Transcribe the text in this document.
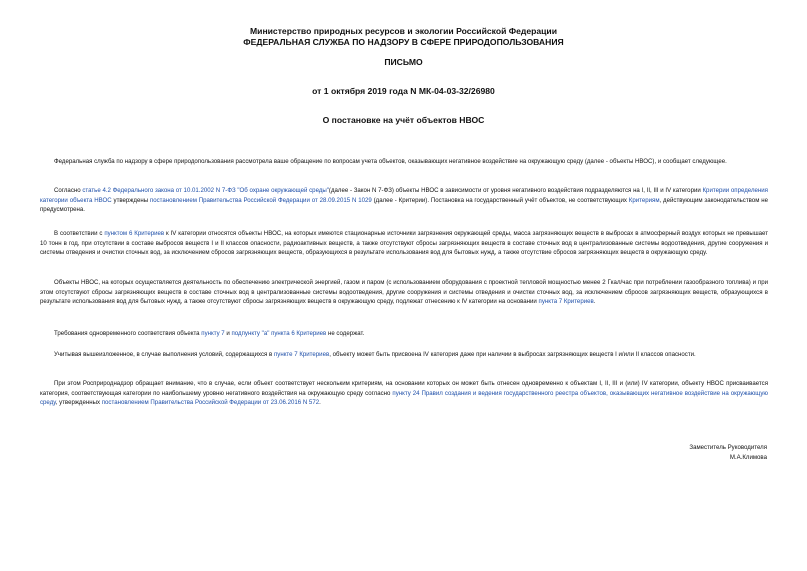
Министерство природных ресурсов и экологии Российской Федерации
ФЕДЕРАЛЬНАЯ СЛУЖБА ПО НАДЗОРУ В СФЕРЕ ПРИРОДОПОЛЬЗОВАНИЯ
ПИСЬМО
от 1 октября 2019 года N МК-04-03-32/26980
О постановке на учёт объектов НВОС
Федеральная служба по надзору в сфере природопользования рассмотрела ваше обращение по вопросам учета объектов, оказывающих негативное воздействие на окружающую среду (далее - объекты НВОС), и сообщает следующее.
Согласно статье 4.2 Федерального закона от 10.01.2002 N 7-ФЗ "Об охране окружающей среды"(далее - Закон N 7-ФЗ) объекты НВОС в зависимости от уровня негативного воздействия подразделяются на I, II, III и IV категории Критерии определения категории объекта НВОС утверждены постановлением Правительства Российской Федерации от 28.09.2015 N 1029 (далее - Критерии). Постановка на государственный учёт объектов, не соответствующих Критериям, действующим законодательством не предусмотрена.
В соответствии с пунктом 6 Критериев к IV категории относятся объекты НВОС, на которых имеются стационарные источники загрязнения окружающей среды, масса загрязняющих веществ в выбросах в атмосферный воздух которых не превышает 10 тонн в год, при отсутствии в составе выбросов веществ I и II классов опасности, радиоактивных веществ, а также отсутствуют сбросы загрязняющих веществ в составе сточных вод в централизованные системы водоотведения, другие сооружения и системы отведения и очистки сточных вод, за исключением сбросов загрязняющих веществ, образующихся в результате использования вод для бытовых нужд, а также отсутствие сбросов загрязняющих веществ в окружающую среду.
Объекты НВОС, на которых осуществляется деятельность по обеспечению электрической энергией, газом и паром (с использованием оборудования с проектной тепловой мощностью менее 2 Гкал/час при потреблении газообразного топлива) и при этом отсутствуют сбросы загрязняющих веществ в составе сточных вод в централизованные системы водоотведения, другие сооружения и системы отведения и очистки сточных вод, за исключением сбросов загрязняющих веществ, образующихся в результате использования вод для бытовых нужд, а также отсутствуют сбросы загрязняющих веществ в окружающую среду, подлежат отнесению к IV категории на основании пункта 7 Критериев.
Требования одновременного соответствия объекта пункту 7 и подпункту "а" пункта 6 Критериев не содержат.
Учитывая вышеизложенное, в случае выполнения условий, содержащихся в пункте 7 Критериев, объекту может быть присвоена IV категория даже при наличии в выбросах загрязняющих веществ I и/или II классов опасности.
При этом Росприроднадзор обращает внимание, что в случае, если объект соответствует нескольким критериям, на основании которых он может быть отнесен одновременно к объектам I, II, III и (или) IV категории, объекту НВОС присваивается категория, соответствующая категории по наибольшему уровню негативного воздействия на окружающую среду согласно пункту 24 Правил создания и ведения государственного реестра объектов, оказывающих негативное воздействие на окружающую среду, утвержденных постановлением Правительства Российской Федерации от 23.06.2016 N 572.
Заместитель Руководителя
М.А.Климова
